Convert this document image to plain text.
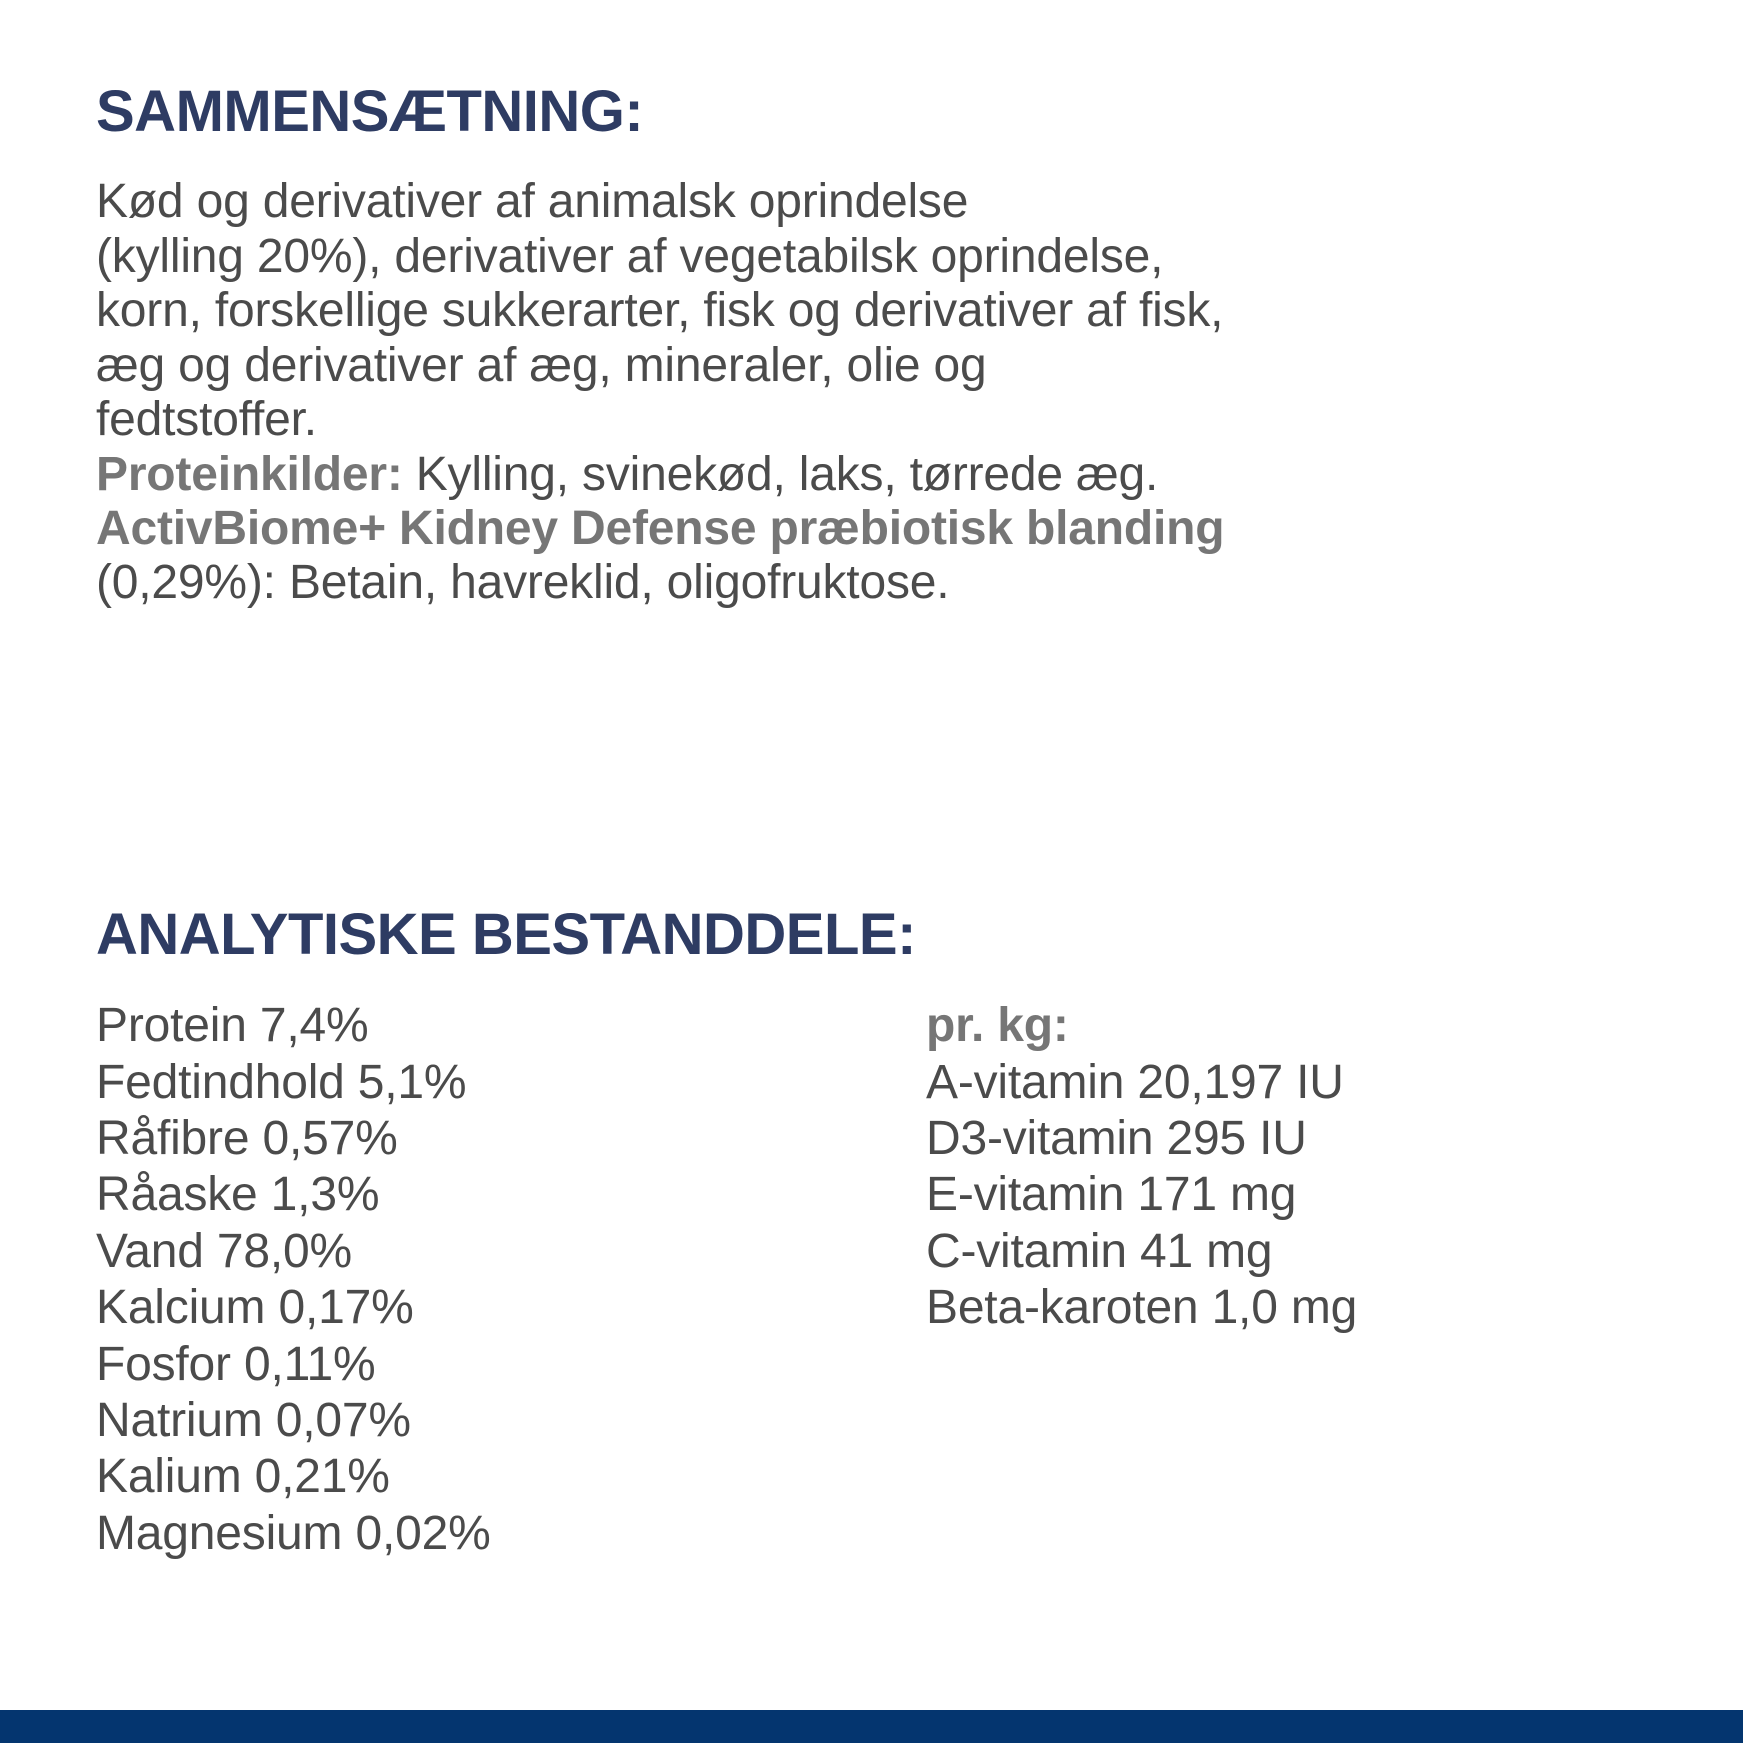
SAMMENSÆTNING:
Kød og derivativer af animalsk oprindelse
(kylling 20%), derivativer af vegetabilsk oprindelse,
korn, forskellige sukkerarter, fisk og derivativer af fisk,
æg og derivativer af æg, mineraler, olie og
fedtstoffer.
Proteinkilder: Kylling, svinekød, laks, tørrede æg.
ActivBiome+ Kidney Defense præbiotisk blanding
(0,29%): Betain, havreklid, oligofruktose.
ANALYTISKE BESTANDDELE:
Protein 7,4%
Fedtindhold 5,1%
Råfibre 0,57%
Råaske 1,3%
Vand 78,0%
Kalcium 0,17%
Fosfor 0,11%
Natrium 0,07%
Kalium 0,21%
Magnesium 0,02%
pr. kg:
A-vitamin 20,197 IU
D3-vitamin 295 IU
E-vitamin 171 mg
C-vitamin 41 mg
Beta-karoten 1,0 mg
